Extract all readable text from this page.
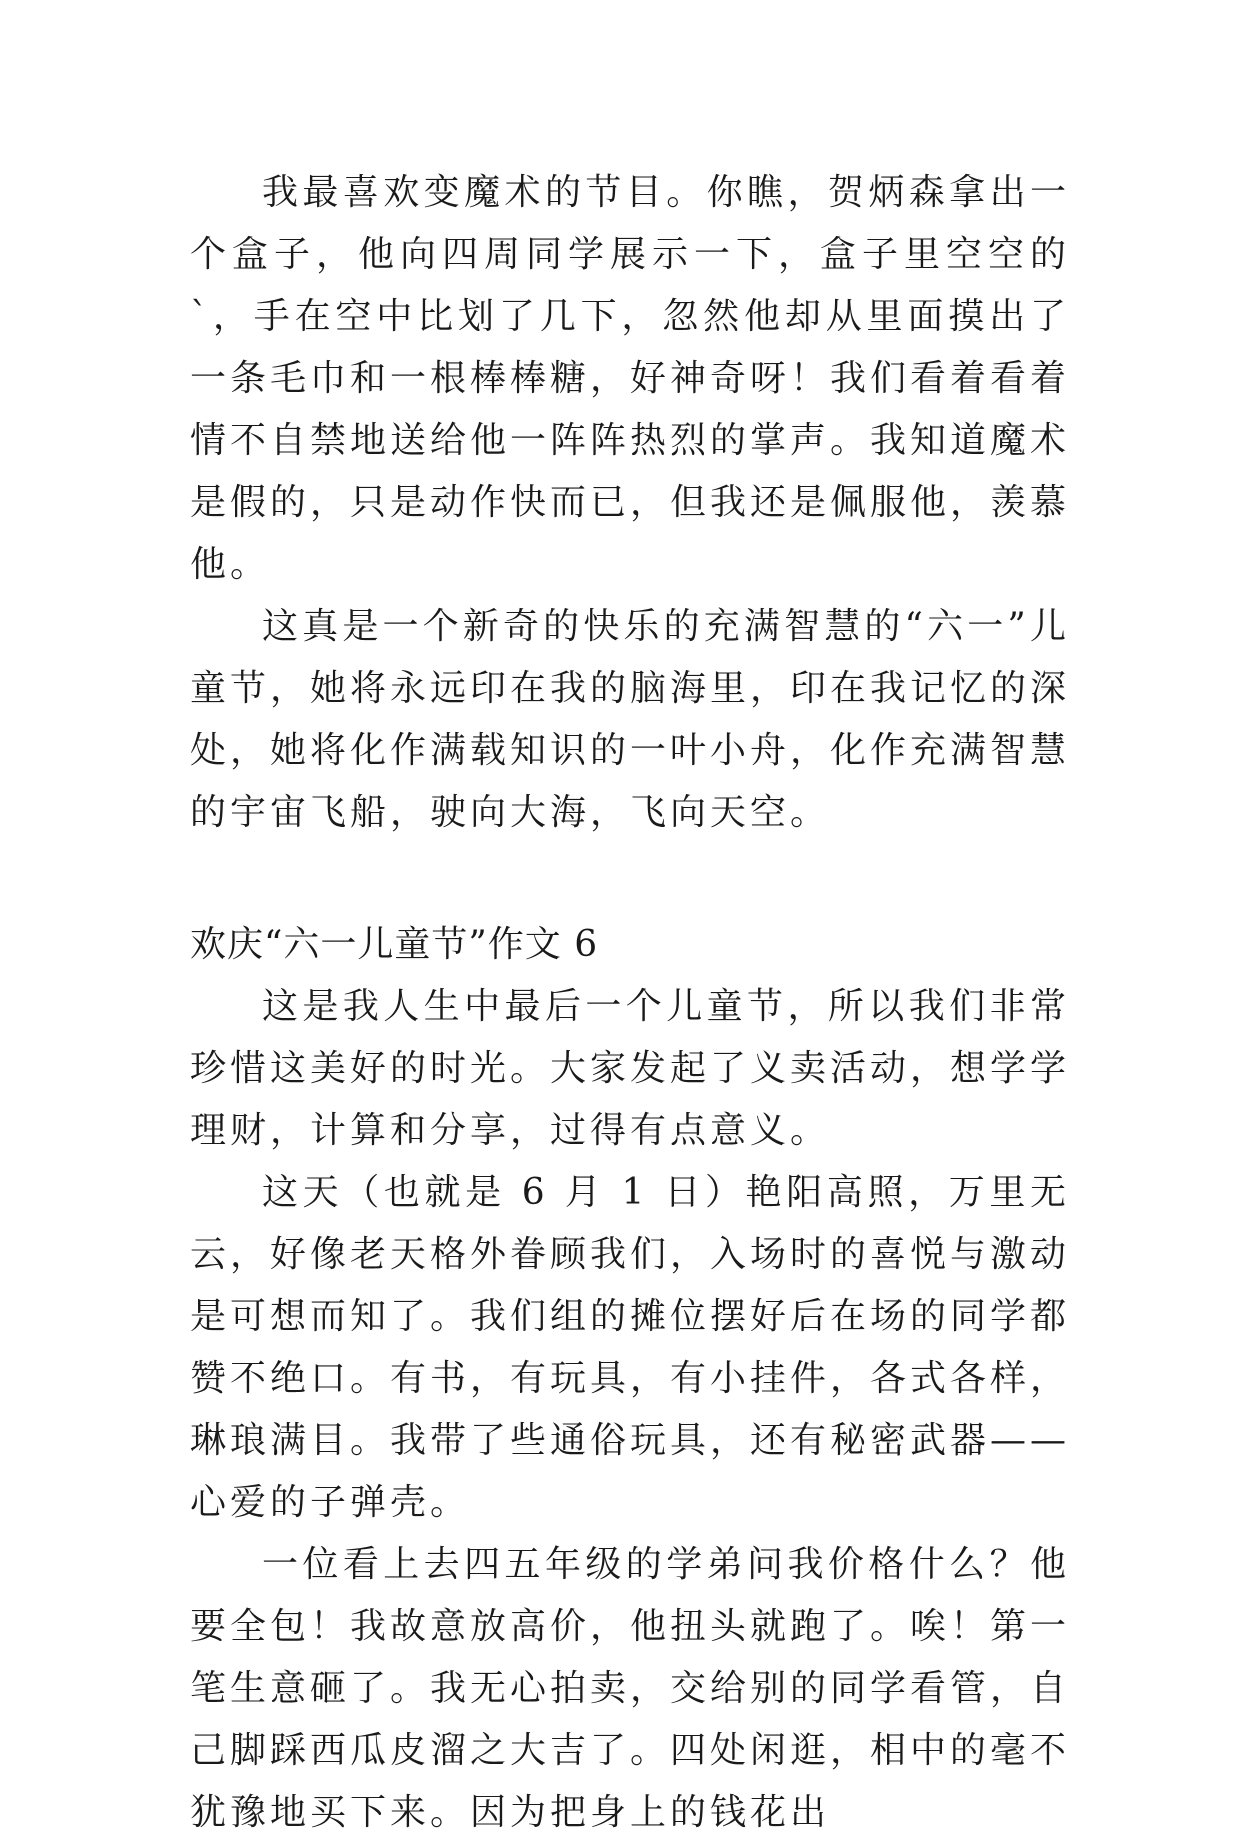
我最喜欢变魔术的节目。你瞧，贺炳森拿出一个盒子，他向四周同学展示一下，盒子里空空的`，手在空中比划了几下，忽然他却从里面摸出了一条毛巾和一根棒棒糖，好神奇呀！我们看着看着情不自禁地送给他一阵阵热烈的掌声。我知道魔术是假的，只是动作快而已，但我还是佩服他，羡慕他。

这真是一个新奇的快乐的充满智慧的“六一”儿童节，她将永远印在我的脑海里，印在我记忆的深处，她将化作满载知识的一叶小舟，化作充满智慧的宇宙飞船，驶向大海，飞向天空。

欢庆“六一儿童节”作文 6

这是我人生中最后一个儿童节，所以我们非常珍惜这美好的时光。大家发起了义卖活动，想学学理财，计算和分享，过得有点意义。

这天（也就是 6 月 1 日）艳阳高照，万里无云，好像老天格外眷顾我们，入场时的喜悦与激动是可想而知了。我们组的摊位摆好后在场的同学都赞不绝口。有书，有玩具，有小挂件，各式各样，琳琅满目。我带了些通俗玩具，还有秘密武器——心爱的子弹壳。

一位看上去四五年级的学弟问我价格什么？他要全包！我故意放高价，他扭头就跑了。唉！第一笔生意砸了。我无心拍卖，交给别的同学看管，自己脚踩西瓜皮溜之大吉了。四处闲逛，相中的毫不犹豫地买下来。因为把身上的钱花出
